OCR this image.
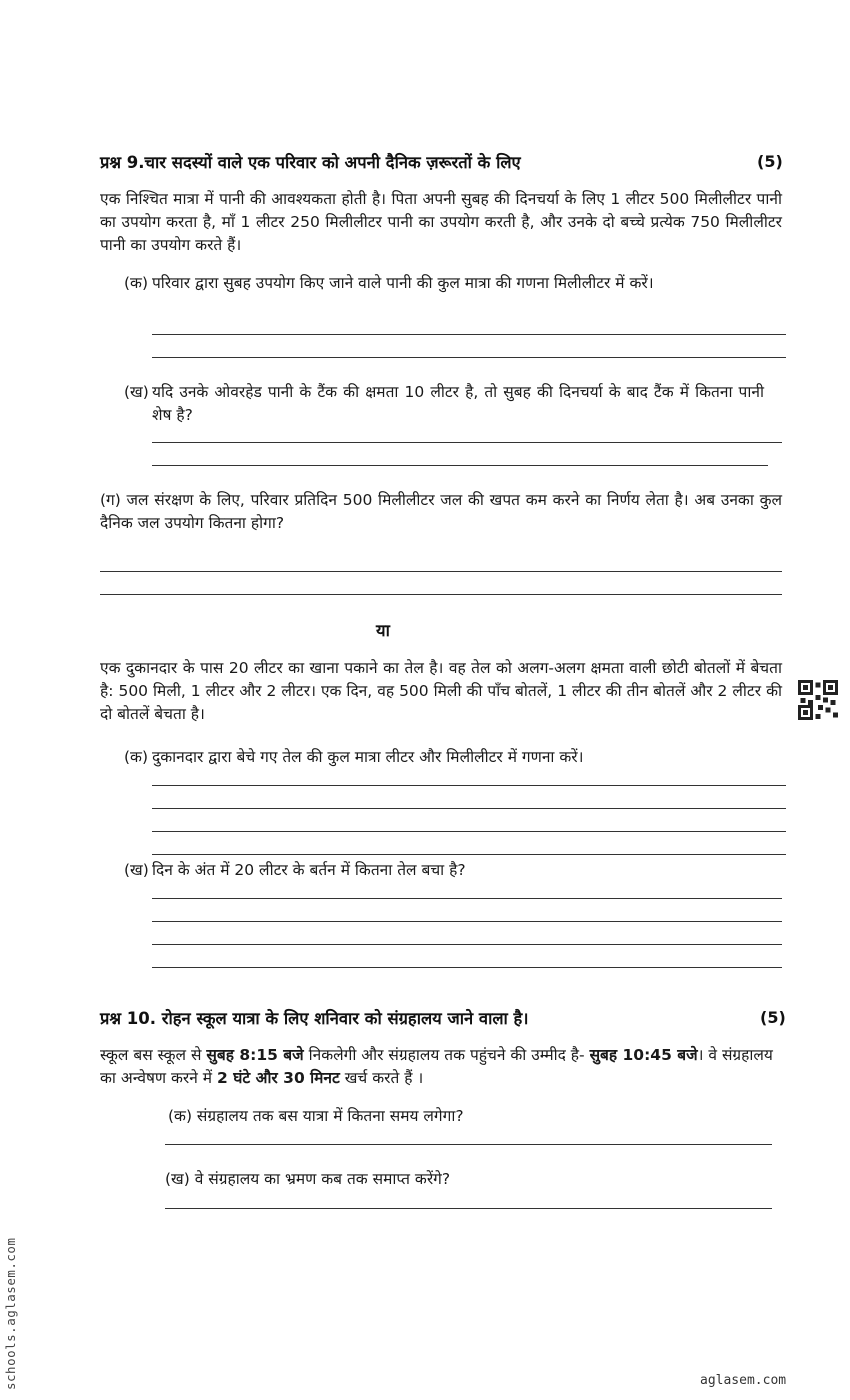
प्रश्न 9.चार सदस्यों वाले एक परिवार को अपनी दैनिक ज़रूरतों के लिए	(5)
एक निश्चित मात्रा में पानी की आवश्यकता होती है। पिता अपनी सुबह की दिनचर्या के लिए 1 लीटर 500 मिलीलीटर पानी का उपयोग करता है, माँ 1 लीटर 250 मिलीलीटर पानी का उपयोग करती है, और उनके दो बच्चे प्रत्येक 750 मिलीलीटर पानी का उपयोग करते हैं।
(क) परिवार द्वारा सुबह उपयोग किए जाने वाले पानी की कुल मात्रा की गणना मिलीलीटर में करें।
(ख) यदि उनके ओवरहेड पानी के टैंक की क्षमता 10 लीटर है, तो सुबह की दिनचर्या के बाद टैंक में कितना पानी शेष है?
(ग) जल संरक्षण के लिए, परिवार प्रतिदिन 500 मिलीलीटर जल की खपत कम करने का निर्णय लेता है। अब उनका कुल दैनिक जल उपयोग कितना होगा?
या
एक दुकानदार के पास 20 लीटर का खाना पकाने का तेल है। वह तेल को अलग-अलग क्षमता वाली छोटी बोतलों में बेचता है: 500 मिली, 1 लीटर और 2 लीटर। एक दिन, वह 500 मिली की पाँच बोतलें, 1 लीटर की तीन बोतलें और 2 लीटर की दो बोतलें बेचता है।
(क) दुकानदार द्वारा बेचे गए तेल की कुल मात्रा लीटर और मिलीलीटर में गणना करें।
(ख) दिन के अंत में 20 लीटर के बर्तन में कितना तेल बचा है?
प्रश्न 10. रोहन स्कूल यात्रा के लिए शनिवार को संग्रहालय जाने वाला है।	(5)
स्कूल बस स्कूल से सुबह 8:15 बजे निकलेगी और संग्रहालय तक पहुंचने की उम्मीद है- सुबह 10:45 बजे। वे संग्रहालय का अन्वेषण करने में 2 घंटे और 30 मिनट खर्च करते हैं ।
(क) संग्रहालय तक बस यात्रा में कितना समय लगेगा?
(ख) वे संग्रहालय का भ्रमण कब तक समाप्त करेंगे?
schools.aglasem.com	aglasem.com
